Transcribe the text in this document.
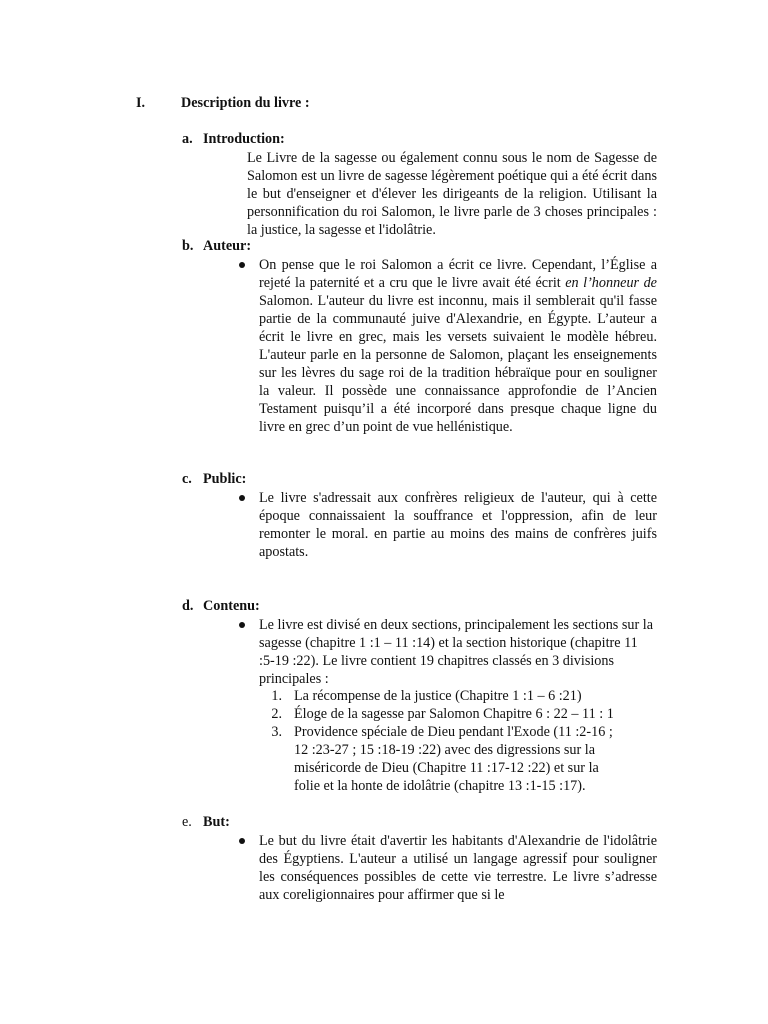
I.	Description du livre :
a. Introduction:

Le Livre de la sagesse ou également connu sous le nom de Sagesse de Salomon est un livre de sagesse légèrement poétique qui a été écrit dans le but d'enseigner et d'élever les dirigeants de la religion. Utilisant la personnification du roi Salomon, le livre parle de 3 choses principales : la justice, la sagesse et l'idolâtrie.

b. Auteur:

On pense que le roi Salomon a écrit ce livre. Cependant, l’Église a rejeté la paternité et a cru que le livre avait été écrit en l’honneur de Salomon. L'auteur du livre est inconnu, mais il semblerait qu'il fasse partie de la communauté juive d'Alexandrie, en Égypte. L’auteur a écrit le livre en grec, mais les versets suivaient le modèle hébreu. L'auteur parle en la personne de Salomon, plaçant les enseignements sur les lèvres du sage roi de la tradition hébraïque pour en souligner la valeur. Il possède une connaissance approfondie de l’Ancien Testament puisqu’il a été incorporé dans presque chaque ligne du livre en grec d’un point de vue hellénistique.

c. Public:

Le livre s'adressait aux confrères religieux de l'auteur, qui à cette époque connaissaient la souffrance et l'oppression, afin de leur remonter le moral. en partie au moins des mains de confrères juifs apostats.

d. Contenu:

Le livre est divisé en deux sections, principalement les sections sur la sagesse (chapitre 1 :1 – 11 :14) et la section historique (chapitre 11 :5-19 :22). Le livre contient 19 chapitres classés en 3 divisions principales :

1. La récompense de la justice (Chapitre 1 :1 – 6 :21)

2. Éloge de la sagesse par Salomon Chapitre 6 : 22 – 11 : 1

3. Providence spéciale de Dieu pendant l'Exode (11 :2-16 ; 12 :23-27 ; 15 :18-19 :22) avec des digressions sur la miséricorde de Dieu (Chapitre 11 :17-12 :22) et sur la folie et la honte de idolâtrie (chapitre 13 :1-15 :17).

e. But:

Le but du livre était d'avertir les habitants d'Alexandrie de l'idolâtrie des Égyptiens. L'auteur a utilisé un langage agressif pour souligner les conséquences possibles de cette vie terrestre. Le livre s’adresse aux coreligionnaires pour affirmer que si le
